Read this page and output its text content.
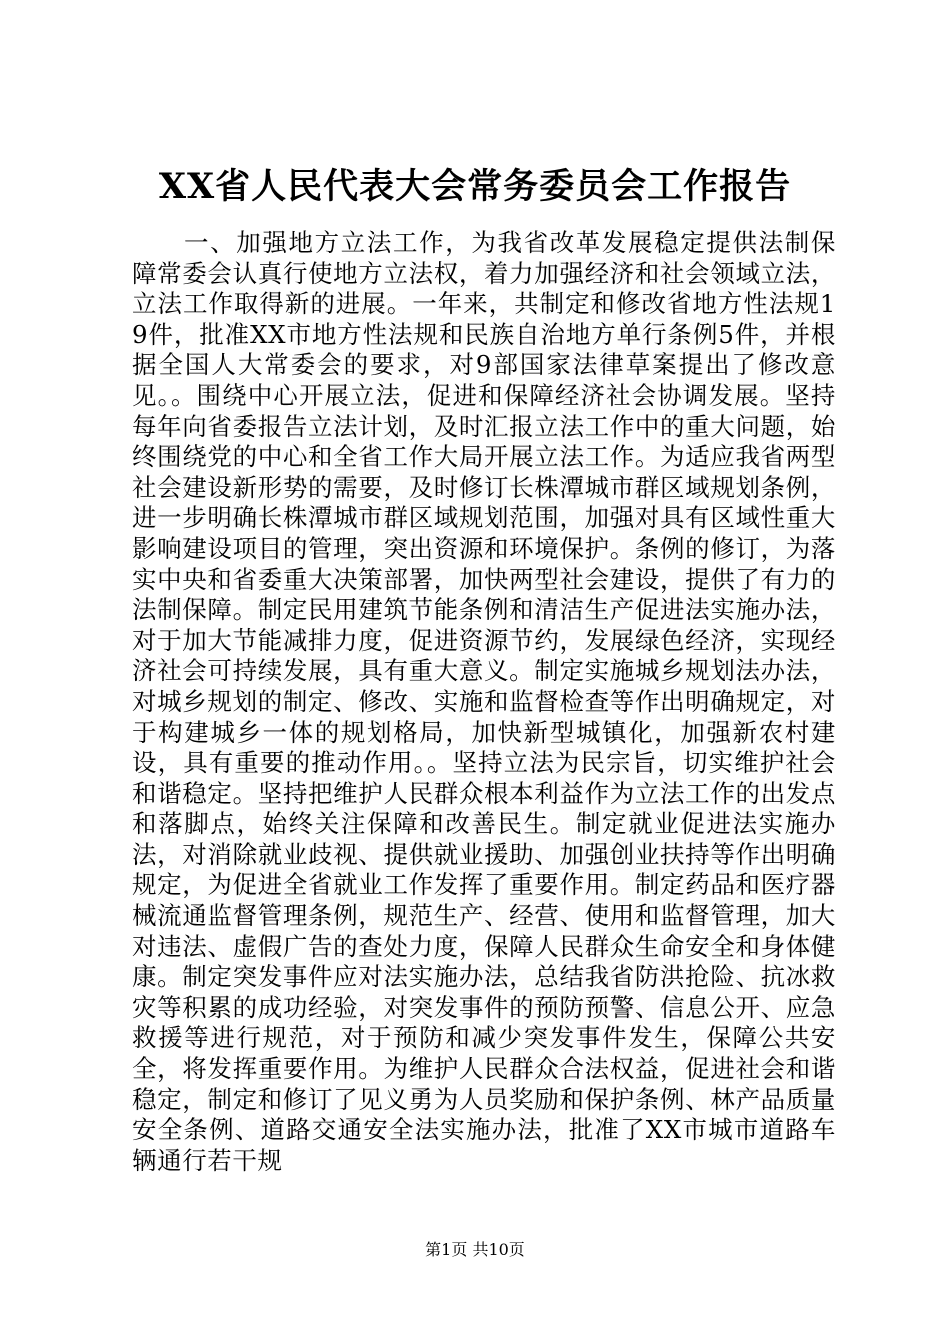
XX省人民代表大会常务委员会工作报告

一、加强地方立法工作，为我省改革发展稳定提供法制保障常委会认真行使地方立法权，着力加强经济和社会领域立法，立法工作取得新的进展。一年来，共制定和修改省地方性法规19件，批准XX市地方性法规和民族自治地方单行条例5件，并根据全国人大常委会的要求，对9部国家法律草案提出了修改意见。。围绕中心开展立法，促进和保障经济社会协调发展。坚持每年向省委报告立法计划，及时汇报立法工作中的重大问题，始终围绕党的中心和全省工作大局开展立法工作。为适应我省两型社会建设新形势的需要，及时修订长株潭城市群区域规划条例，进一步明确长株潭城市群区域规划范围，加强对具有区域性重大影响建设项目的管理，突出资源和环境保护。条例的修订，为落实中央和省委重大决策部署，加快两型社会建设，提供了有力的法制保障。制定民用建筑节能条例和清洁生产促进法实施办法，对于加大节能减排力度，促进资源节约，发展绿色经济，实现经济社会可持续发展，具有重大意义。制定实施城乡规划法办法，对城乡规划的制定、修改、实施和监督检查等作出明确规定，对于构建城乡一体的规划格局，加快新型城镇化，加强新农村建设，具有重要的推动作用。。坚持立法为民宗旨，切实维护社会和谐稳定。坚持把维护人民群众根本利益作为立法工作的出发点和落脚点，始终关注保障和改善民生。制定就业促进法实施办法，对消除就业歧视、提供就业援助、加强创业扶持等作出明确规定，为促进全省就业工作发挥了重要作用。制定药品和医疗器械流通监督管理条例，规范生产、经营、使用和监督管理，加大对违法、虚假广告的查处力度，保障人民群众生命安全和身体健康。制定突发事件应对法实施办法，总结我省防洪抢险、抗冰救灾等积累的成功经验，对突发事件的预防预警、信息公开、应急救援等进行规范，对于预防和减少突发事件发生，保障公共安全，将发挥重要作用。为维护人民群众合法权益，促进社会和谐稳定，制定和修订了见义勇为人员奖励和保护条例、林产品质量安全条例、道路交通安全法实施办法，批准了XX市城市道路车辆通行若干规

第1页 共10页
